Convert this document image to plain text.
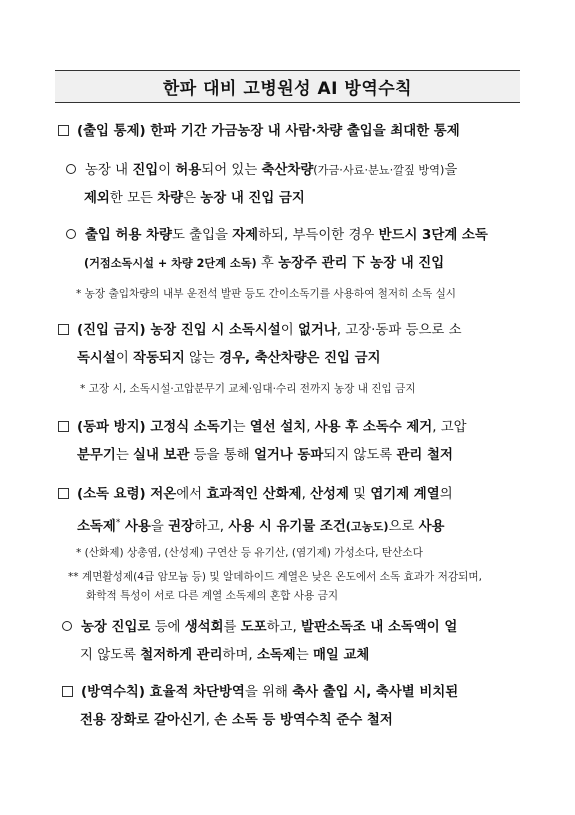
한파 대비 고병원성 AI 방역수칙
(출입 통제) 한파 기간 가금농장 내 사람·차량 출입을 최대한 통제
농장 내 진입이 허용되어 있는 축산차량(가금·사료·분뇨·깔짚 방역)을
제외한 모든 차량은 농장 내 진입 금지
출입 허용 차량도 출입을 자제하되, 부득이한 경우 반드시 3단계 소독
(거점소독시설 + 차량 2단계 소독) 후 농장주 관리 下 농장 내 진입
* 농장 출입차량의 내부 운전석 발판 등도 간이소독기를 사용하여 철저히 소독 실시
(진입 금지) 농장 진입 시 소독시설이 없거나, 고장·동파 등으로 소
독시설이 작동되지 않는 경우, 축산차량은 진입 금지
* 고장 시, 소독시설·고압분무기 교체·임대·수리 전까지 농장 내 진입 금지
(동파 방지) 고정식 소독기는 열선 설치, 사용 후 소독수 제거, 고압
분무기는 실내 보관 등을 통해 얼거나 동파되지 않도록 관리 철저
(소독 요령) 저온에서 효과적인 산화제, 산성제 및 엽기제 계열의
소독제* 사용을 권장하고, 사용 시 유기물 조건(고농도)으로 사용
* (산화제) 상총염, (산성제) 구연산 등 유기산, (염기제) 가성소다, 탄산소다
** 계면활성제(4급 암모늄 등) 및 알데하이드 계열은 낮은 온도에서 소독 효과가 저감되며,
화학적 특성이 서로 다른 계열 소독제의 혼합 사용 금지
농장 진입로 등에 생석회를 도포하고, 발판소독조 내 소독액이 얼
지 않도록 철저하게 관리하며, 소독제는 매일 교체
(방역수칙) 효율적 차단방역을 위해 축사 출입 시, 축사별 비치된
전용 장화로 갈아신기, 손 소독 등 방역수칙 준수 철저
